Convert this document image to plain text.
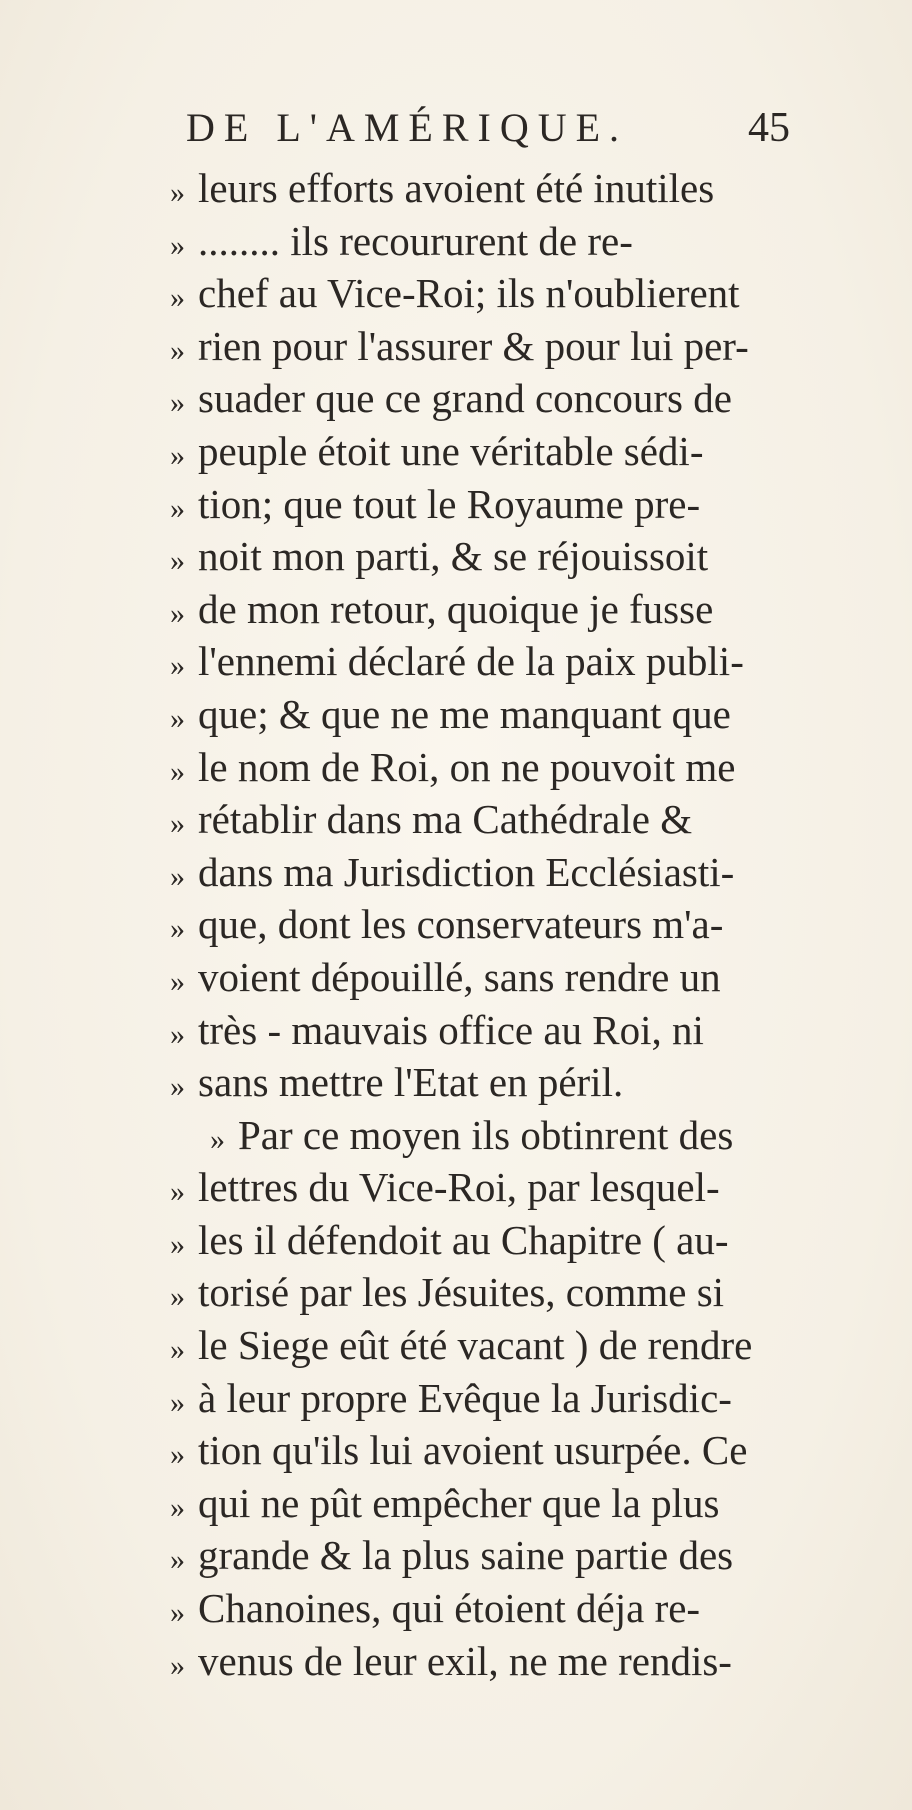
DE L'AMÉRIQUE.	45
» leurs efforts avoient été inutiles
» ........ ils recoururent de re-
» chef au Vice-Roi; ils n'oublierent
» rien pour l'assurer & pour lui per-
» suader que ce grand concours de
» peuple étoit une véritable sédi-
» tion; que tout le Royaume pre-
» noit mon parti, & se réjouissoit
» de mon retour, quoique je fusse
» l'ennemi déclaré de la paix publi-
» que; & que ne me manquant que
» le nom de Roi, on ne pouvoit me
» rétablir dans ma Cathédrale &
» dans ma Jurisdiction Ecclésiasti-
» que, dont les conservateurs m'a-
» voient dépouillé, sans rendre un
» très - mauvais office au Roi, ni
» sans mettre l'Etat en péril.
» Par ce moyen ils obtinrent des
» lettres du Vice-Roi, par lesquel-
» les il défendoit au Chapitre ( au-
» torisé par les Jésuites, comme si
» le Siege eût été vacant ) de rendre
» à leur propre Evêque la Jurisdic-
» tion qu'ils lui avoient usurpée. Ce
» qui ne pût empêcher que la plus
» grande & la plus saine partie des
» Chanoines, qui étoient déja re-
» venus de leur exil, ne me rendis-
